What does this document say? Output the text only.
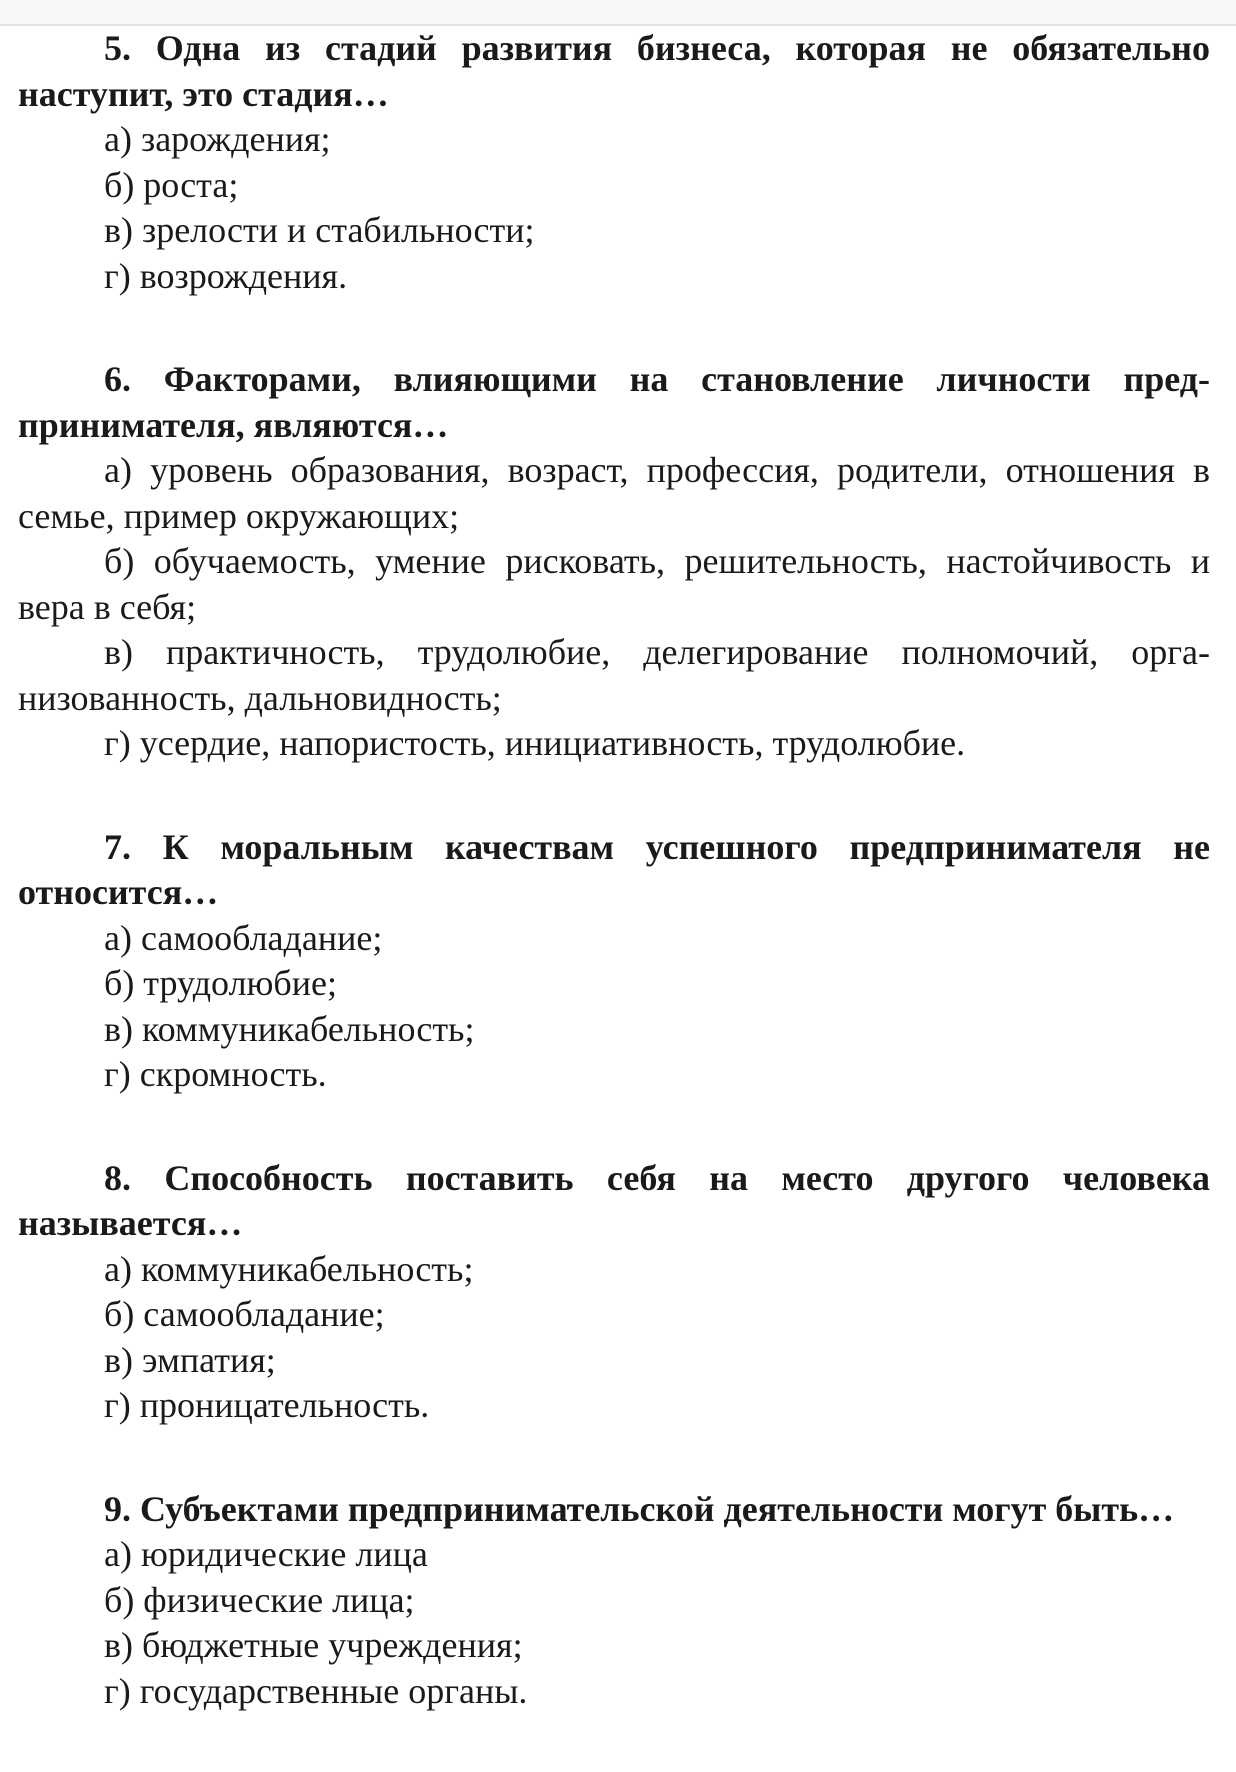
5. Одна из стадий развития бизнеса, которая не обязательно наступит, это стадия…

а) зарождения;

б) роста;

в) зрелости и стабильности;

г) возрождения.

6. Факторами, влияющими на становление личности предпринимателя, являются…

а) уровень образования, возраст, профессия, родители, отношения в семье, пример окружающих;

б) обучаемость, умение рисковать, решительность, настойчивость и вера в себя;

в) практичность, трудолюбие, делегирование полномочий, организованность, дальновидность;

г) усердие, напористость, инициативность, трудолюбие.

7. К моральным качествам успешного предпринимателя не относится…

а) самообладание;

б) трудолюбие;

в) коммуникабельность;

г) скромность.

8. Способность поставить себя на место другого человека называется…

а) коммуникабельность;

б) самообладание;

в) эмпатия;

г) проницательность.

9. Субъектами предпринимательской деятельности могут быть…

а) юридические лица

б) физические лица;

в) бюджетные учреждения;

г) государственные органы.
